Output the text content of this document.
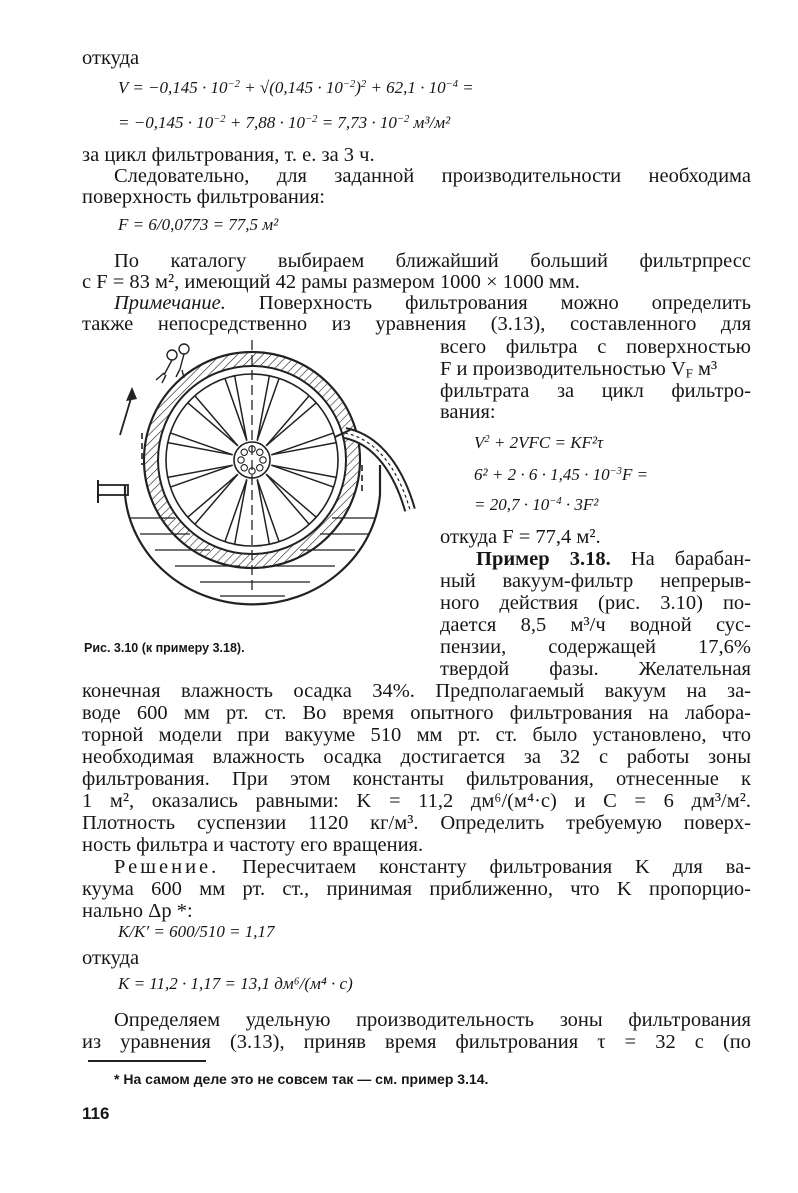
откуда
$V = -0,145 \cdot 10^{-2} + √(0,145 \cdot 10^{-2})^2 + 62,1 \cdot 10^{-4}$ =
= $-0,145 \cdot 10^{-2} + 7,88 \cdot 10^{-2} = 7,73 \cdot 10^{-2}$ м³/м²
за цикл фильтрования, т. е. за 3 ч.
Следовательно, для заданной производительности необходима
поверхность фильтрования:
F = 6/0,0773 = 77,5 м²
По каталогу выбираем ближайший больший фильтрпресс
с F = 83 м², имеющий 42 рамы размером 1000 × 1000 мм.
Примечание. Поверхность фильтрования можно определить
также непосредственно из уравнения (3.13), составленного для
всего фильтра с поверхностью
F и производительностью $V_F$ м³
фильтрата за цикл фильтро-
вания:
$V^2 + 2VFC = KF^2\tau$
$6^2 + 2 \cdot 6 \cdot 1,45 \cdot 10^{-3}F$ =
= $20,7 \cdot 10^{-4} \cdot 3F^2$
откуда F = 77,4 м².
Пример 3.18. На барабан-
ный вакуум-фильтр непрерыв-
ного действия (рис. 3.10) по-
дается 8,5 м³/ч водной сус-
пензии, содержащей 17,6%
твердой фазы. Желательная
конечная влажность осадка 34%. Предполагаемый вакуум на за-
воде 600 мм рт. ст. Во время опытного фильтрования на лабора-
торной модели при вакууме 510 мм рт. ст. было установлено, что
необходимая влажность осадка достигается за 32 с работы зоны
фильтрования. При этом константы фильтрования, отнесенные к
1 м², оказались равными: K = 11,2 дм⁶/(м⁴·с) и C = 6 дм³/м².
Плотность суспензии 1120 кг/м³. Определить требуемую поверх-
ность фильтра и частоту его вращения.
Решение. Пересчитаем константу фильтрования K для ва-
куума 600 мм рт. ст., принимая приближенно, что K пропорцио-
нально Δp *:
K/K′ = 600/510 = 1,17
откуда
K = 11,2 · 1,17 = 13,1 дм⁶/(м⁴ · с)
Определяем удельную производительность зоны фильтрования
из уравнения (3.13), приняв время фильтрования τ = 32 с (по
* На самом деле это не совсем так — см. пример 3.14.
116
Рис. 3.10 (к примеру 3.18).
